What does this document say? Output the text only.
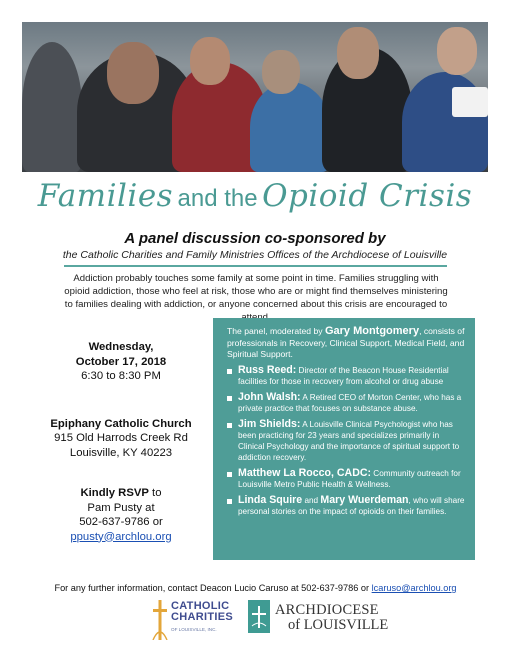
Families and the Opioid Crisis
A panel discussion co-sponsored by
the Catholic Charities and Family Ministries Offices of the Archdiocese of Louisville
Addiction probably touches some family at some point in time. Families struggling with opioid addiction, those who feel at risk, those who are or might find themselves ministering to families dealing with addiction, or anyone concerned about this crisis are encouraged to
Wednesday,
October 17, 2018
6:30 to 8:30 PM
Epiphany Catholic Church
915 Old Harrods Creek Rd
Louisville, KY 40223
Kindly RSVP to
Pam Pusty at
502-637-9786 or
ppusty@archlou.org
The panel, moderated by Gary Montgomery, consists of professionals in Recovery, Clinical Support, Medical Field, and Spiritual Support.
Russ Reed: Director of the Beacon House Residential facilities for those in recovery from alcohol or drug abuse
John Walsh: A Retired CEO of Morton Center, who has a private practice that focuses on substance abuse.
Jim Shields: A Louisville Clinical Psychologist who has been practicing for 23 years and specializes primarily in Clinical Psychology and the importance of spiritual support to addiction recovery.
Matthew La Rocco, CADC: Community outreach for Louisville Metro Public Health & Wellness.
Linda Squire and Mary Wuerdeman, who will share personal stories on the impact of opioids on their families.
For any further information, contact Deacon Lucio Caruso at 502-637-9786 or lcaruso@archlou.org
CATHOLIC
CHARITIES
OF LOUISVILLE, INC.
ARCHDIOCESE
of LOUISVILLE
